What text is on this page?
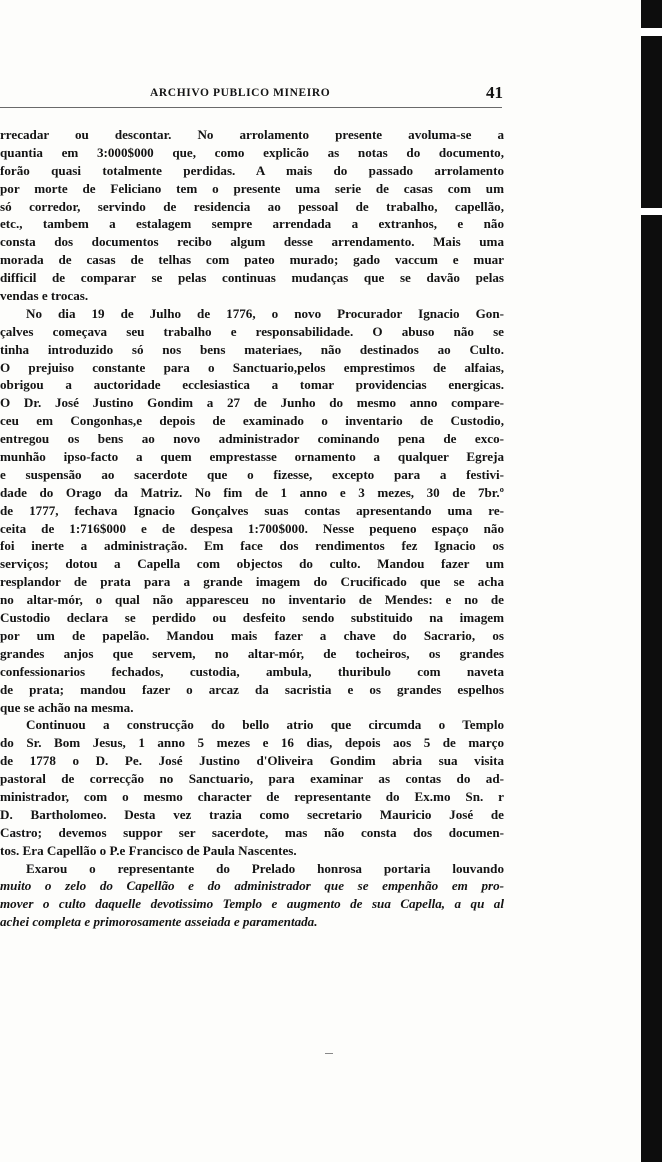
ARCHIVO PUBLICO MINEIRO	41
rrecadar ou descontar. No arrolamento presente avoluma-se a
quantia em 3:000$000 que, como explicão as notas do documento,
forão quasi totalmente perdidas. A mais do passado arrolamento
por morte de Feliciano tem o presente uma serie de casas com um
só corredor, servindo de residencia ao pessoal de trabalho, capellão,
etc., tambem a estalagem sempre arrendada a extranhos, e não
consta dos documentos recibo algum desse arrendamento. Mais uma
morada de casas de telhas com pateo murado; gado vaccum e muar
difficil de comparar se pelas continuas mudanças que se davão pelas
vendas e trocas.
No dia 19 de Julho de 1776, o novo Procurador Ignacio Gon-
çalves começava seu trabalho e responsabilidade. O abuso não se
tinha introduzido só nos bens materiaes, não destinados ao Culto.
O prejuiso constante para o Sanctuario,pelos emprestimos de alfaias,
obrigou a auctoridade ecclesiastica a tomar providencias energicas.
O Dr. José Justino Gondim a 27 de Junho do mesmo anno compare-
ceu em Congonhas,e depois de examinado o inventario de Custodio,
entregou os bens ao novo administrador cominando pena de exco-
munhão ipso-facto a quem emprestasse ornamento a qualquer Egreja
e suspensão ao sacerdote que o fizesse, excepto para a festivi-
dade do Orago da Matriz. No fim de 1 anno e 3 mezes, 30 de 7br.º
de 1777, fechava Ignacio Gonçalves suas contas apresentando uma re-
ceita de 1:716$000 e de despesa 1:700$000. Nesse pequeno espaço não
foi inerte a administração. Em face dos rendimentos fez Ignacio os
serviços; dotou a Capella com objectos do culto. Mandou fazer um
resplandor de prata para a grande imagem do Crucificado que se acha
no altar-mór, o qual não apparesceu no inventario de Mendes: e no de
Custodio declara se perdido ou desfeito sendo substituido na imagem
por um de papelão. Mandou mais fazer a chave do Sacrario, os
grandes anjos que servem, no altar-mór, de tocheiros, os grandes
confessionarios fechados, custodia, ambula, thuribulo com naveta
de prata; mandou fazer o arcaz da sacristia e os grandes espelhos
que se achão na mesma.
Continuou a construcção do bello atrio que circumda o Templo
do Sr. Bom Jesus, 1 anno 5 mezes e 16 dias, depois aos 5 de março
de 1778 o D. Pe. José Justino d'Oliveira Gondim abria sua visita
pastoral de correcção no Sanctuario, para examinar as contas do ad-
ministrador, com o mesmo character de representante do Ex.mo Sn. r
D. Bartholomeo. Desta vez trazia como secretario Mauricio José de
Castro; devemos suppor ser sacerdote, mas não consta dos documen-
tos. Era Capellão o P.e Francisco de Paula Nascentes.
Exarou o representante do Prelado honrosa portaria louvando
muito o zelo do Capellão e do administrador que se empenhão em pro-
mover o culto daquelle devotissimo Templo e augmento de sua Capella, a qu al
achei completa e primorosamente asseiada e paramentada.
